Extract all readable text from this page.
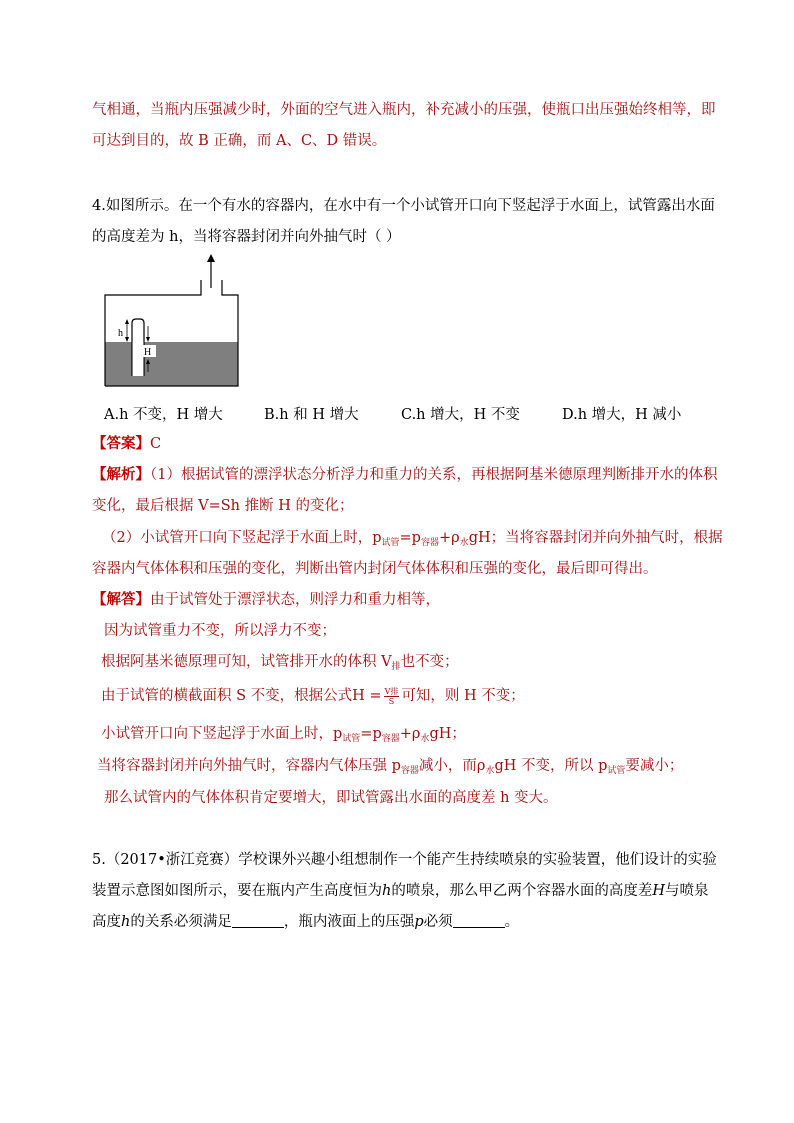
气相通，当瓶内压强减少时，外面的空气进入瓶内，补充减小的压强，使瓶口出压强始终相等，即
可达到目的，故 B 正确，而 A、C、D 错误。
4.如图所示。在一个有水的容器内，在水中有一个小试管开口向下竖起浮于水面上，试管露出水面
的高度差为 h，当将容器封闭并向外抽气时（ ）
h
H
A.h 不变，H 增大	B.h 和 H 增大	C.h 增大，H 不变	D.h 增大，H 减小
【答案】C
【解析】（1）根据试管的漂浮状态分析浮力和重力的关系，再根据阿基米德原理判断排开水的体积
变化，最后根据 V=Sh 推断 H 的变化；
（2）小试管开口向下竖起浮于水面上时，$p_{试管}=p_{容器}+\rho_水gH$；当将容器封闭并向外抽气时，根据
容器内气体体积和压强的变化，判断出管内封闭气体体积和压强的变化，最后即可得出。
【解答】由于试管处于漂浮状态，则浮力和重力相等，
因为试管重力不变，所以浮力不变；
根据阿基米德原理可知，试管排开水的体积 $V_排$也不变；
由于试管的横截面积 S 不变，根据公式$H = \frac{\text{V排}}{S}$ 可知，则 H 不变；
小试管开口向下竖起浮于水面上时，$p_{试管}=p_{容器}+\rho_水gH$；
当将容器封闭并向外抽气时，容器内气体压强 $p_{容器}$减小，而$\rho_水gH$ 不变，所以 $p_{试管}$要减小；
那么试管内的气体体积肯定要增大，即试管露出水面的高度差 h 变大。
5.（2017•浙江竞赛）学校课外兴趣小组想制作一个能产生持续喷泉的实验装置，他们设计的实验
装置示意图如图所示，要在瓶内产生高度恒为h的喷泉，那么甲乙两个容器水面的高度差H与喷泉
高度h的关系必须满足	，瓶内液面上的压强p必须	。
